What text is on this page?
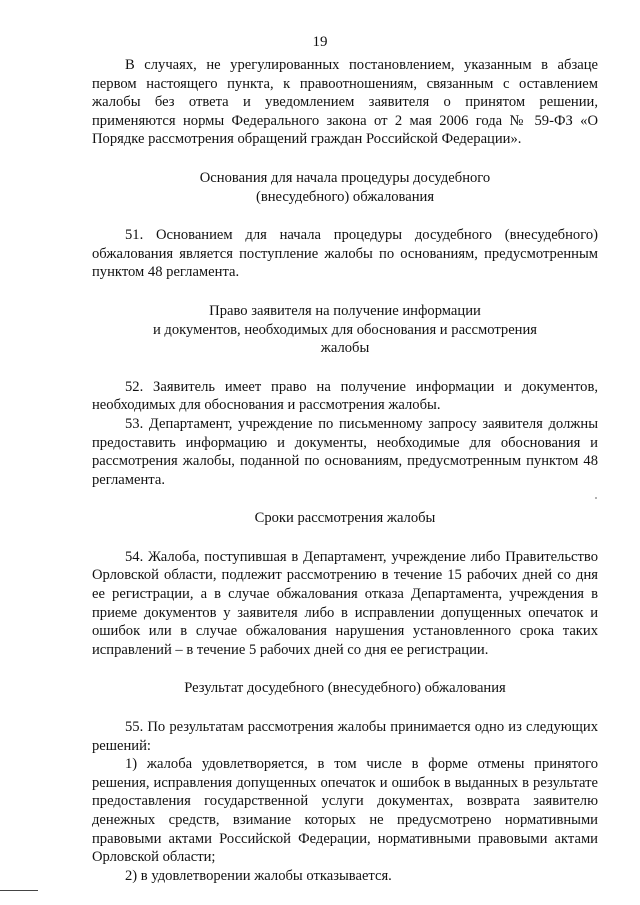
19

В случаях, не урегулированных постановлением, указанным в абзаце первом настоящего пункта, к правоотношениям, связанным с оставлением жалобы без ответа и уведомлением заявителя о принятом решении, применяются нормы Федерального закона от 2 мая 2006 года № 59-ФЗ «О Порядке рассмотрения обращений граждан Российской Федерации».

Основания для начала процедуры досудебного

(внесудебного) обжалования

51. Основанием для начала процедуры досудебного (внесудебного) обжалования является поступление жалобы по основаниям, предусмотренным пунктом 48 регламента.

Право заявителя на получение информации

и документов, необходимых для обоснования и рассмотрения

жалобы

52. Заявитель имеет право на получение информации и документов, необходимых для обоснования и рассмотрения жалобы.

53. Департамент, учреждение по письменному запросу заявителя должны предоставить информацию и документы, необходимые для обоснования и рассмотрения жалобы, поданной по основаниям, предусмотренным пунктом 48 регламента.

Сроки рассмотрения жалобы

54. Жалоба, поступившая в Департамент, учреждение либо Правительство Орловской области, подлежит рассмотрению в течение 15 рабочих дней со дня ее регистрации, а в случае обжалования отказа Департамента, учреждения в приеме документов у заявителя либо в исправлении допущенных опечаток и ошибок или в случае обжалования нарушения установленного срока таких исправлений – в течение 5 рабочих дней со дня ее регистрации.

Результат досудебного (внесудебного) обжалования

55. По результатам рассмотрения жалобы принимается одно из следующих решений:

1) жалоба удовлетворяется, в том числе в форме отмены принятого решения, исправления допущенных опечаток и ошибок в выданных в результате предоставления государственной услуги документах, возврата заявителю денежных средств, взимание которых не предусмотрено нормативными правовыми актами Российской Федерации, нормативными правовыми актами Орловской области;

2) в удовлетворении жалобы отказывается.
